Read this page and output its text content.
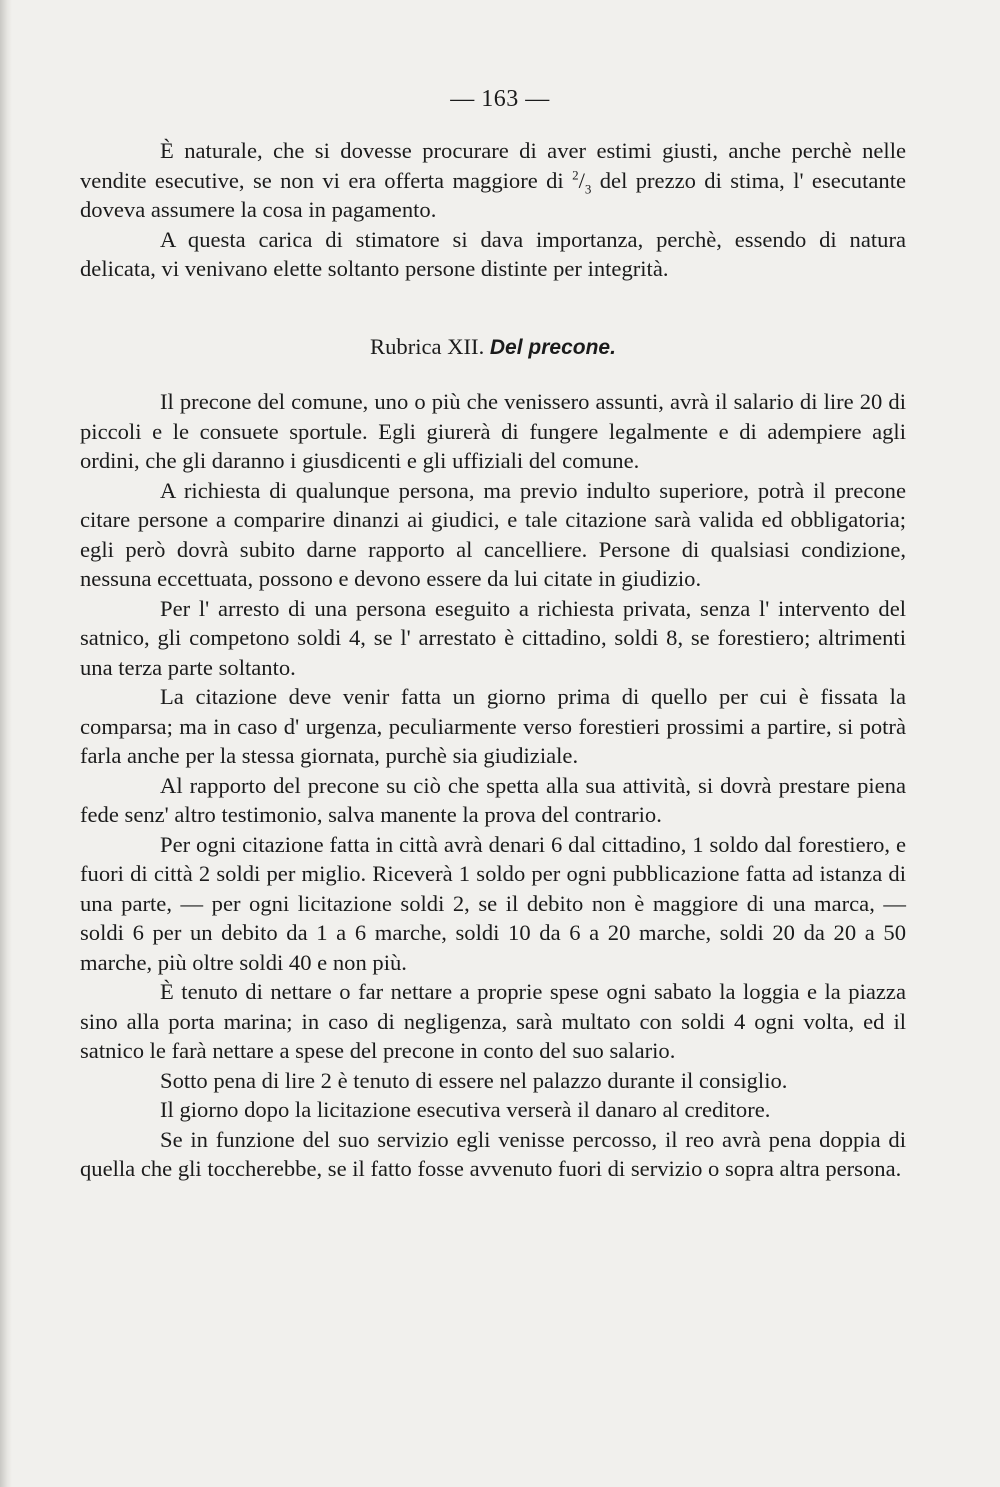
— 163 —

È naturale, che si dovesse procurare di aver estimi giusti, anche perchè nelle vendite esecutive, se non vi era offerta maggiore di $^2/_3$ del prezzo di stima, l' esecutante doveva assumere la cosa in pagamento.

A questa carica di stimatore si dava importanza, perchè, essendo di natura delicata, vi venivano elette soltanto persone distinte per integrità.

Rubrica XII. Del precone.

Il precone del comune, uno o più che venissero assunti, avrà il salario di lire 20 di piccoli e le consuete sportule. Egli giurerà di fungere legalmente e di adempiere agli ordini, che gli daranno i giusdicenti e gli uffiziali del comune.

A richiesta di qualunque persona, ma previo indulto superiore, potrà il precone citare persone a comparire dinanzi ai giudici, e tale citazione sarà valida ed obbligatoria; egli però dovrà subito darne rapporto al cancelliere. Persone di qualsiasi condizione, nessuna eccettuata, possono e devono essere da lui citate in giudizio.

Per l' arresto di una persona eseguito a richiesta privata, senza l' intervento del satnico, gli competono soldi 4, se l' arrestato è cittadino, soldi 8, se forestiero; altrimenti una terza parte soltanto.

La citazione deve venir fatta un giorno prima di quello per cui è fissata la comparsa; ma in caso d' urgenza, peculiarmente verso forestieri prossimi a partire, si potrà farla anche per la stessa giornata, purchè sia giudiziale.

Al rapporto del precone su ciò che spetta alla sua attività, si dovrà prestare piena fede senz' altro testimonio, salva manente la prova del contrario.

Per ogni citazione fatta in città avrà denari 6 dal cittadino, 1 soldo dal forestiero, e fuori di città 2 soldi per miglio. Riceverà 1 soldo per ogni pubblicazione fatta ad istanza di una parte, — per ogni licitazione soldi 2, se il debito non è maggiore di una marca, — soldi 6 per un debito da 1 a 6 marche, soldi 10 da 6 a 20 marche, soldi 20 da 20 a 50 marche, più oltre soldi 40 e non più.

È tenuto di nettare o far nettare a proprie spese ogni sabato la loggia e la piazza sino alla porta marina; in caso di negligenza, sarà multato con soldi 4 ogni volta, ed il satnico le farà nettare a spese del precone in conto del suo salario.

Sotto pena di lire 2 è tenuto di essere nel palazzo durante il consiglio.

Il giorno dopo la licitazione esecutiva verserà il danaro al creditore.

Se in funzione del suo servizio egli venisse percosso, il reo avrà pena doppia di quella che gli toccherebbe, se il fatto fosse avvenuto fuori di servizio o sopra altra persona.
